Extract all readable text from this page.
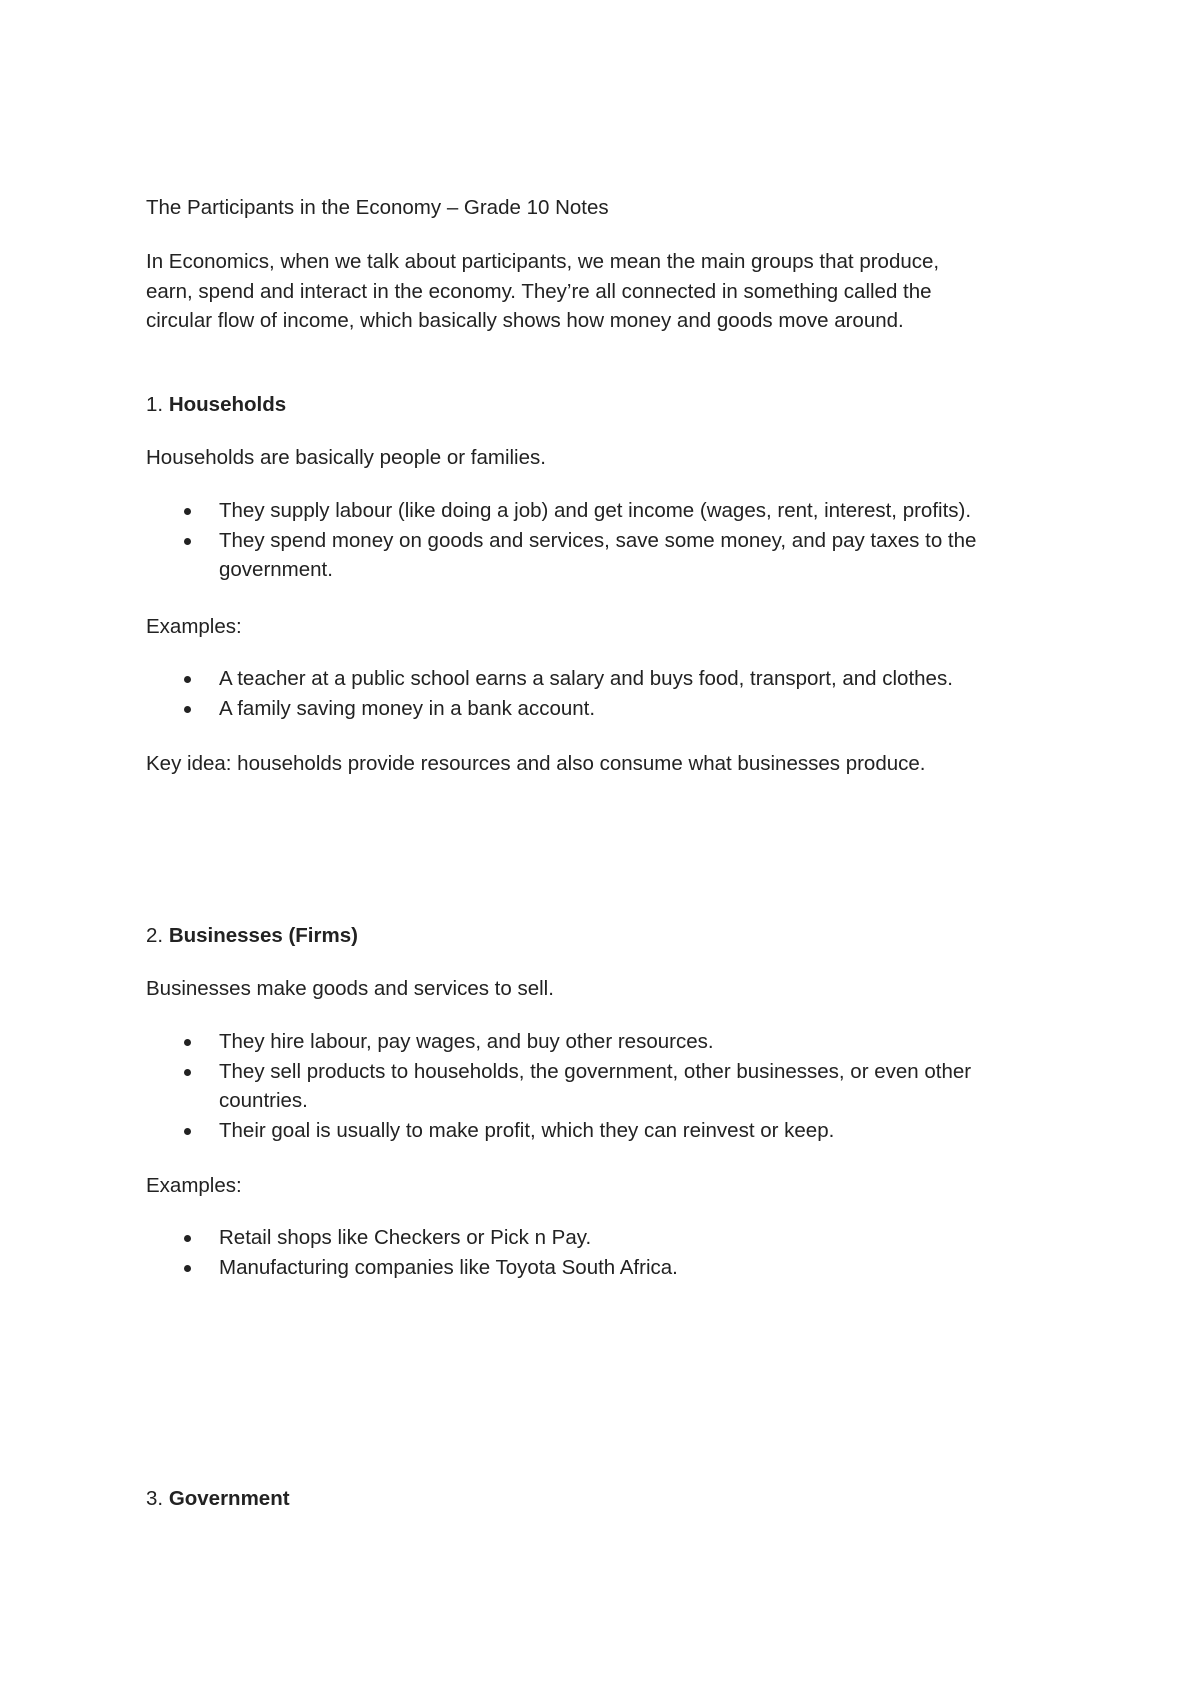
The Participants in the Economy – Grade 10 Notes
In Economics, when we talk about participants, we mean the main groups that produce,
earn, spend and interact in the economy. They’re all connected in something called the
circular flow of income, which basically shows how money and goods move around.
1. Households
Households are basically people or families.
They supply labour (like doing a job) and get income (wages, rent, interest, profits).
They spend money on goods and services, save some money, and pay taxes to the
government.
Examples:
A teacher at a public school earns a salary and buys food, transport, and clothes.
A family saving money in a bank account.
Key idea: households provide resources and also consume what businesses produce.
2. Businesses (Firms)
Businesses make goods and services to sell.
They hire labour, pay wages, and buy other resources.
They sell products to households, the government, other businesses, or even other
countries.
Their goal is usually to make profit, which they can reinvest or keep.
Examples:
Retail shops like Checkers or Pick n Pay.
Manufacturing companies like Toyota South Africa.
3. Government
